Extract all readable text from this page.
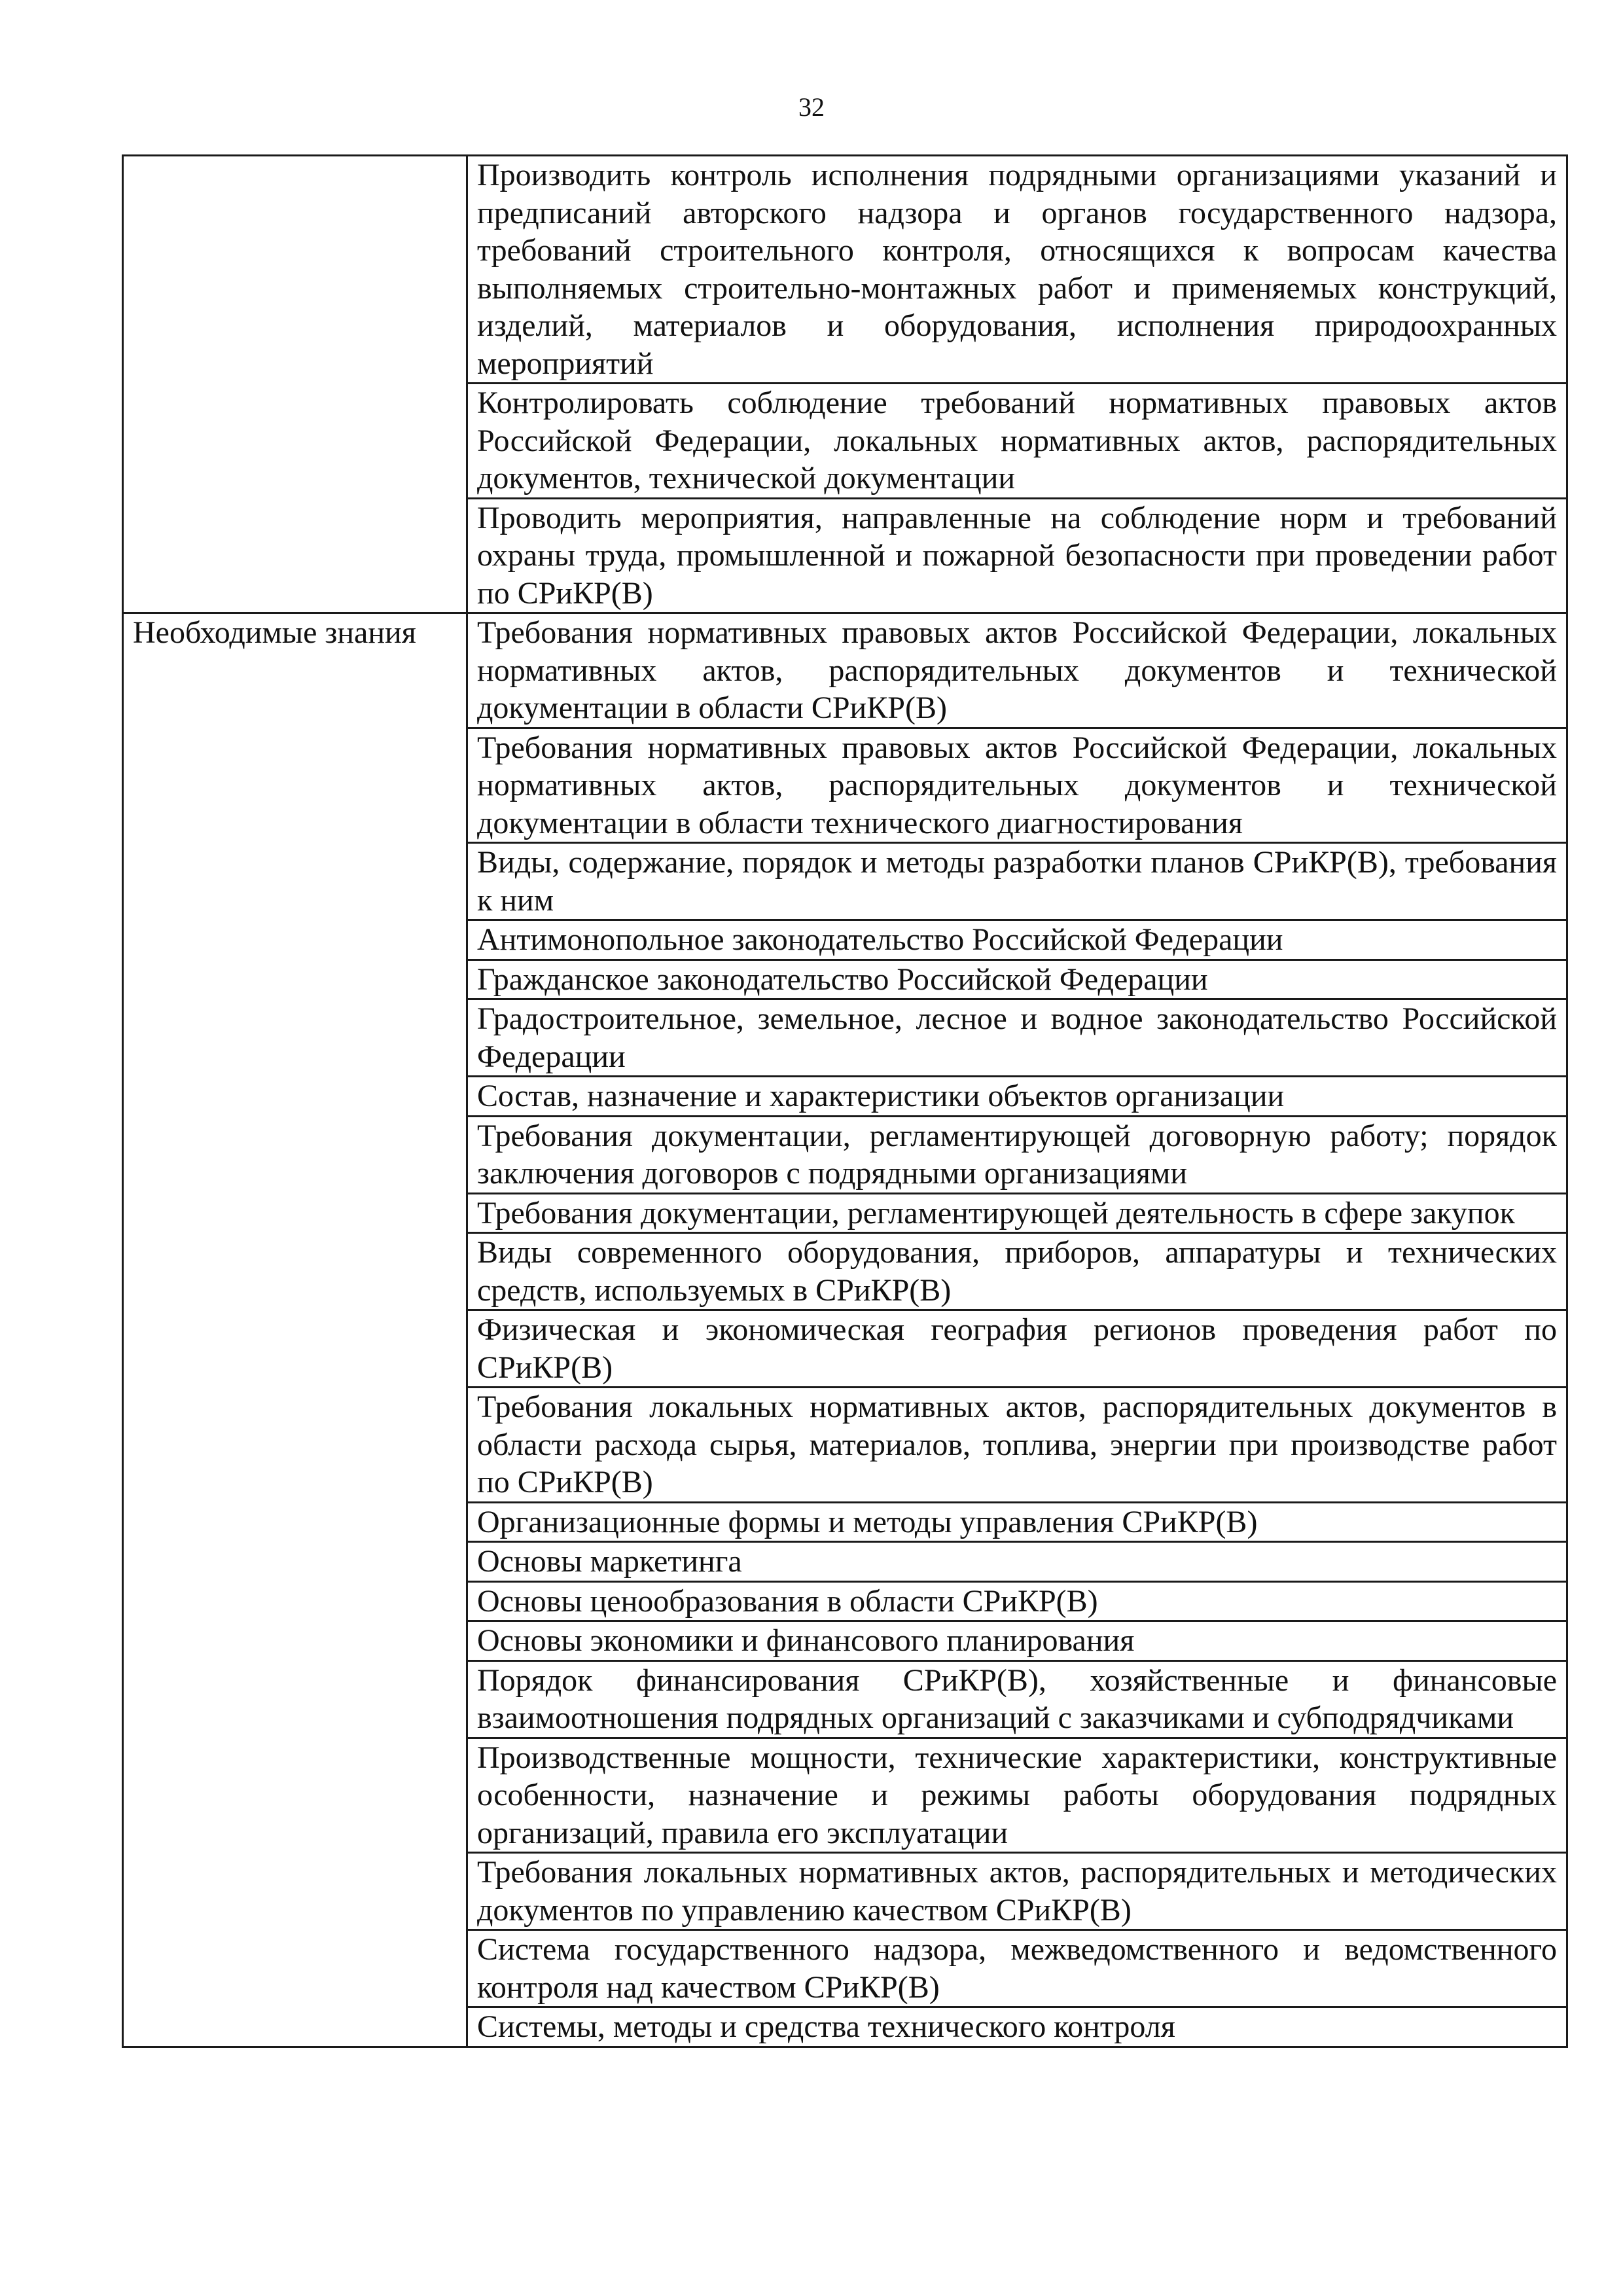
32
	Производить контроль исполнения подрядными организациями указаний и предписаний авторского надзора и органов государственного надзора, требований строительного контроля, относящихся к вопросам качества выполняемых строительно-монтажных работ и применяемых конструкций, изделий, материалов и оборудования, исполнения природоохранных мероприятий
	Контролировать соблюдение требований нормативных правовых актов Российской Федерации, локальных нормативных актов, распорядительных документов, технической документации
	Проводить мероприятия, направленные на соблюдение норм и требований охраны труда, промышленной и пожарной безопасности при проведении работ по СРиКР(В)
Необходимые знания	Требования нормативных правовых актов Российской Федерации, локальных нормативных актов, распорядительных документов и технической документации в области СРиКР(В)
	Требования нормативных правовых актов Российской Федерации, локальных нормативных актов, распорядительных документов и технической документации в области технического диагностирования
	Виды, содержание, порядок и методы разработки планов СРиКР(В), требования к ним
	Антимонопольное законодательство Российской Федерации
	Гражданское законодательство Российской Федерации
	Градостроительное, земельное, лесное и водное законодательство Российской Федерации
	Состав, назначение и характеристики объектов организации
	Требования документации, регламентирующей договорную работу; порядок заключения договоров с подрядными организациями
	Требования документации, регламентирующей деятельность в сфере закупок
	Виды современного оборудования, приборов, аппаратуры и технических средств, используемых в СРиКР(В)
	Физическая и экономическая география регионов проведения работ по СРиКР(В)
	Требования локальных нормативных актов, распорядительных документов в области расхода сырья, материалов, топлива, энергии при производстве работ по СРиКР(В)
	Организационные формы и методы управления СРиКР(В)
	Основы маркетинга
	Основы ценообразования в области СРиКР(В)
	Основы экономики и финансового планирования
	Порядок финансирования СРиКР(В), хозяйственные и финансовые взаимоотношения подрядных организаций с заказчиками и субподрядчиками
	Производственные мощности, технические характеристики, конструктивные особенности, назначение и режимы работы оборудования подрядных организаций, правила его эксплуатации
	Требования локальных нормативных актов, распорядительных и методических документов по управлению качеством СРиКР(В)
	Система государственного надзора, межведомственного и ведомственного контроля над качеством СРиКР(В)
	Системы, методы и средства технического контроля
